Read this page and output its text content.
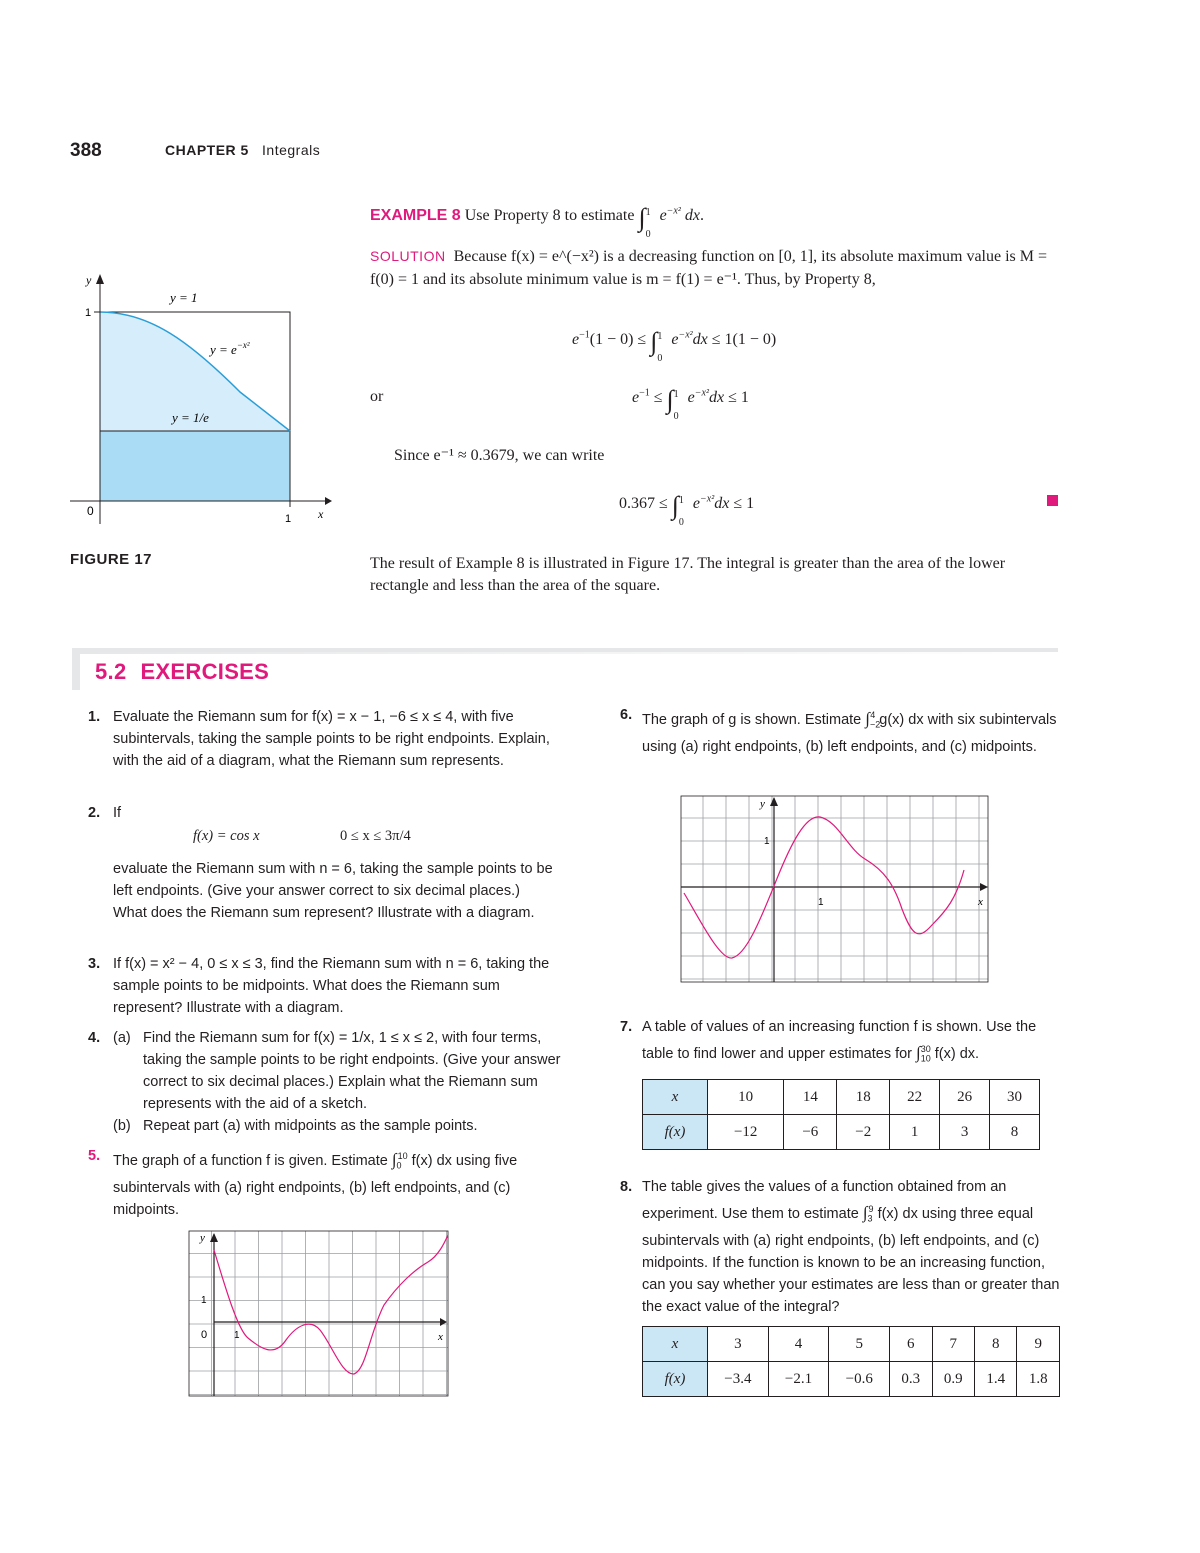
388	CHAPTER 5 Integrals
EXAMPLE 8 Use Property 8 to estimate ∫ 1
0
$e^{-x^2}$ dx.
SOLUTION Because f(x) = e^(−x²) is a decreasing function on [0, 1], its absolute maximum value is M = f(0) = 1 and its absolute minimum value is m = f(1) = e⁻¹. Thus, by Property 8,
$e^{-1}(1 - 0)$ ≤ ∫ 1
0
$e^{-x^2}dx \le 1(1 - 0)$
or	$e^{-1}$ ≤ ∫ 1
0
$e^{-x^2}dx \le 1$
Since e⁻¹ ≈ 0.3679, we can write
0.367 ≤ ∫ 1
0
$e^{-x^2}dx \le 1$
y
x
0
1
1
y = 1
$y = e^{-x^2}$
y = 1/e
FIGURE 17	The result of Example 8 is illustrated in Figure 17. The integral is greater than the area of the lower rectangle and less than the area of the square.
5.2 EXERCISES
1. Evaluate the Riemann sum for f(x) = x − 1, −6 ≤ x ≤ 4, with five subintervals, taking the sample points to be right endpoints. Explain, with the aid of a diagram, what the Riemann sum represents.
2. If
f(x) = cos x	0 ≤ x ≤ 3π/4
evaluate the Riemann sum with n = 6, taking the sample points to be left endpoints. (Give your answer correct to six decimal places.) What does the Riemann sum represent? Illustrate with a diagram.
3. If f(x) = x² − 4, 0 ≤ x ≤ 3, find the Riemann sum with n = 6, taking the sample points to be midpoints. What does the Riemann sum represent? Illustrate with a diagram.
4. (a) Find the Riemann sum for f(x) = 1/x, 1 ≤ x ≤ 2, with four terms, taking the sample points to be right endpoints. (Give your answer correct to six decimal places.) Explain what the Riemann sum represents with the aid of a sketch.
(b) Repeat part (a) with midpoints as the sample points.
5. The graph of a function f is given. Estimate $\int_0^{10}$ f(x) dx using five subintervals with (a) right endpoints, (b) left endpoints, and (c) midpoints.
y
x
0	1
1
6. The graph of g is shown. Estimate $\int_{-2}^4$ g(x) dx with six subintervals using (a) right endpoints, (b) left endpoints, and (c) midpoints.
y
x
1
1
7. A table of values of an increasing function f is shown. Use the table to find lower and upper estimates for $\int_{10}^{30}$ f(x) dx.
x	10	14	18	22	26	30
f(x)	−12	−6	−2	1	3	8
8. The table gives the values of a function obtained from an experiment. Use them to estimate $\int_3^9$ f(x) dx using three equal subintervals with (a) right endpoints, (b) left endpoints, and (c) midpoints. If the function is known to be an increasing function, can you say whether your estimates are less than or greater than the exact value of the integral?
x	3	4	5	6	7	8	9
f(x)	−3.4	−2.1	−0.6	0.3	0.9	1.4	1.8
